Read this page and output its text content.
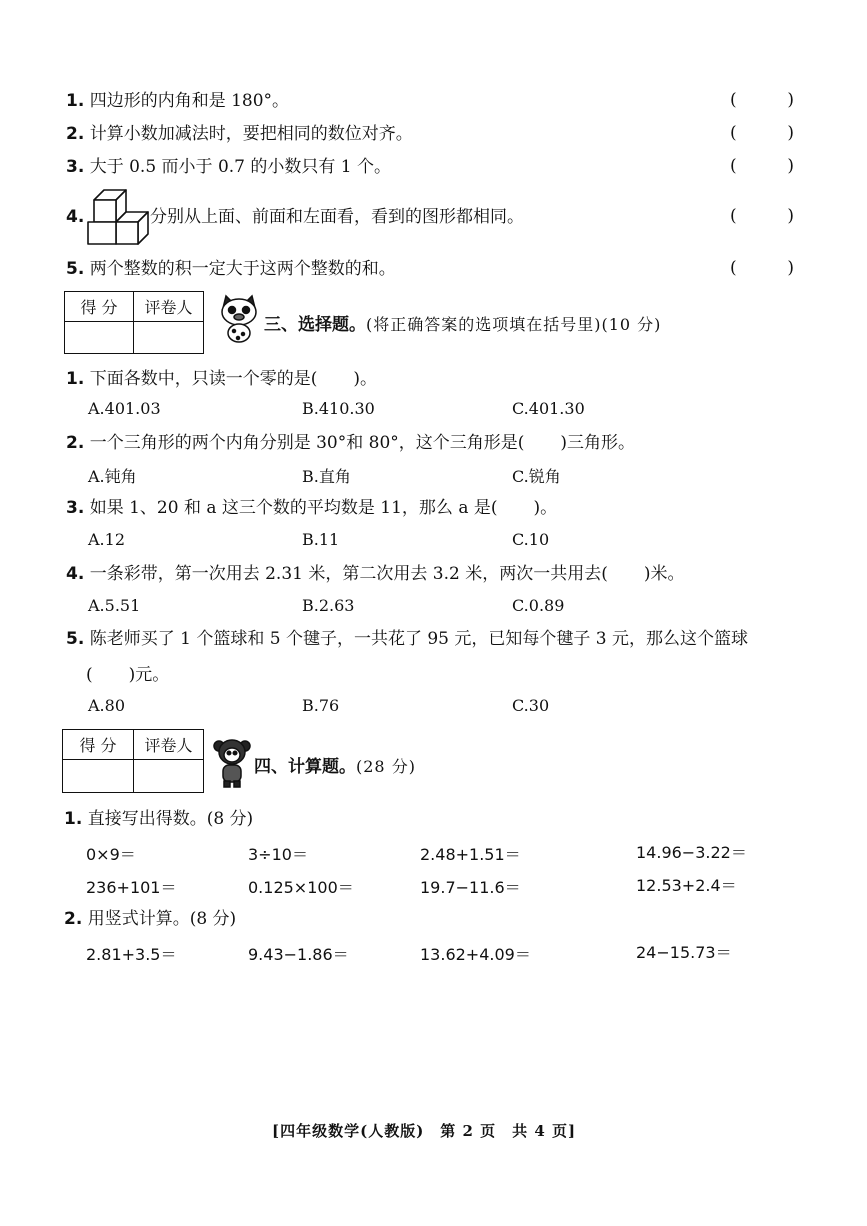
1. 四边形的内角和是 180°。	(	)
2. 计算小数加减法时，要把相同的数位对齐。	(	)
3. 大于 0.5 而小于 0.7 的小数只有 1 个。	(	)
4.	分别从上面、前面和左面看，看到的图形都相同。	(	)
5. 两个整数的积一定大于这两个整数的和。	(	)
得 分	评卷人

三、选择题。(将正确答案的选项填在括号里)(10 分)
1. 下面各数中，只读一个零的是( )。
A.401.03	B.410.30	C.401.30
2. 一个三角形的两个内角分别是 30°和 80°，这个三角形是( )三角形。
A.钝角	B.直角	C.锐角
3. 如果 1、20 和 a 这三个数的平均数是 11，那么 a 是( )。
A.12	B.11	C.10
4. 一条彩带，第一次用去 2.31 米，第二次用去 3.2 米，两次一共用去( )米。
A.5.51	B.2.63	C.0.89
5. 陈老师买了 1 个篮球和 5 个毽子，一共花了 95 元，已知每个毽子 3 元，那么这个篮球
( )元。
A.80	B.76	C.30
得 分	评卷人

四、计算题。(28 分)
1. 直接写出得数。(8 分)
0×9＝	3÷10＝	2.48+1.51＝	14.96−3.22＝
236+101＝	0.125×100＝	19.7−11.6＝	12.53+2.4＝
2. 用竖式计算。(8 分)
2.81+3.5＝	9.43−1.86＝	13.62+4.09＝	24−15.73＝
[四年级数学(人教版)　第 2 页　共 4 页]
